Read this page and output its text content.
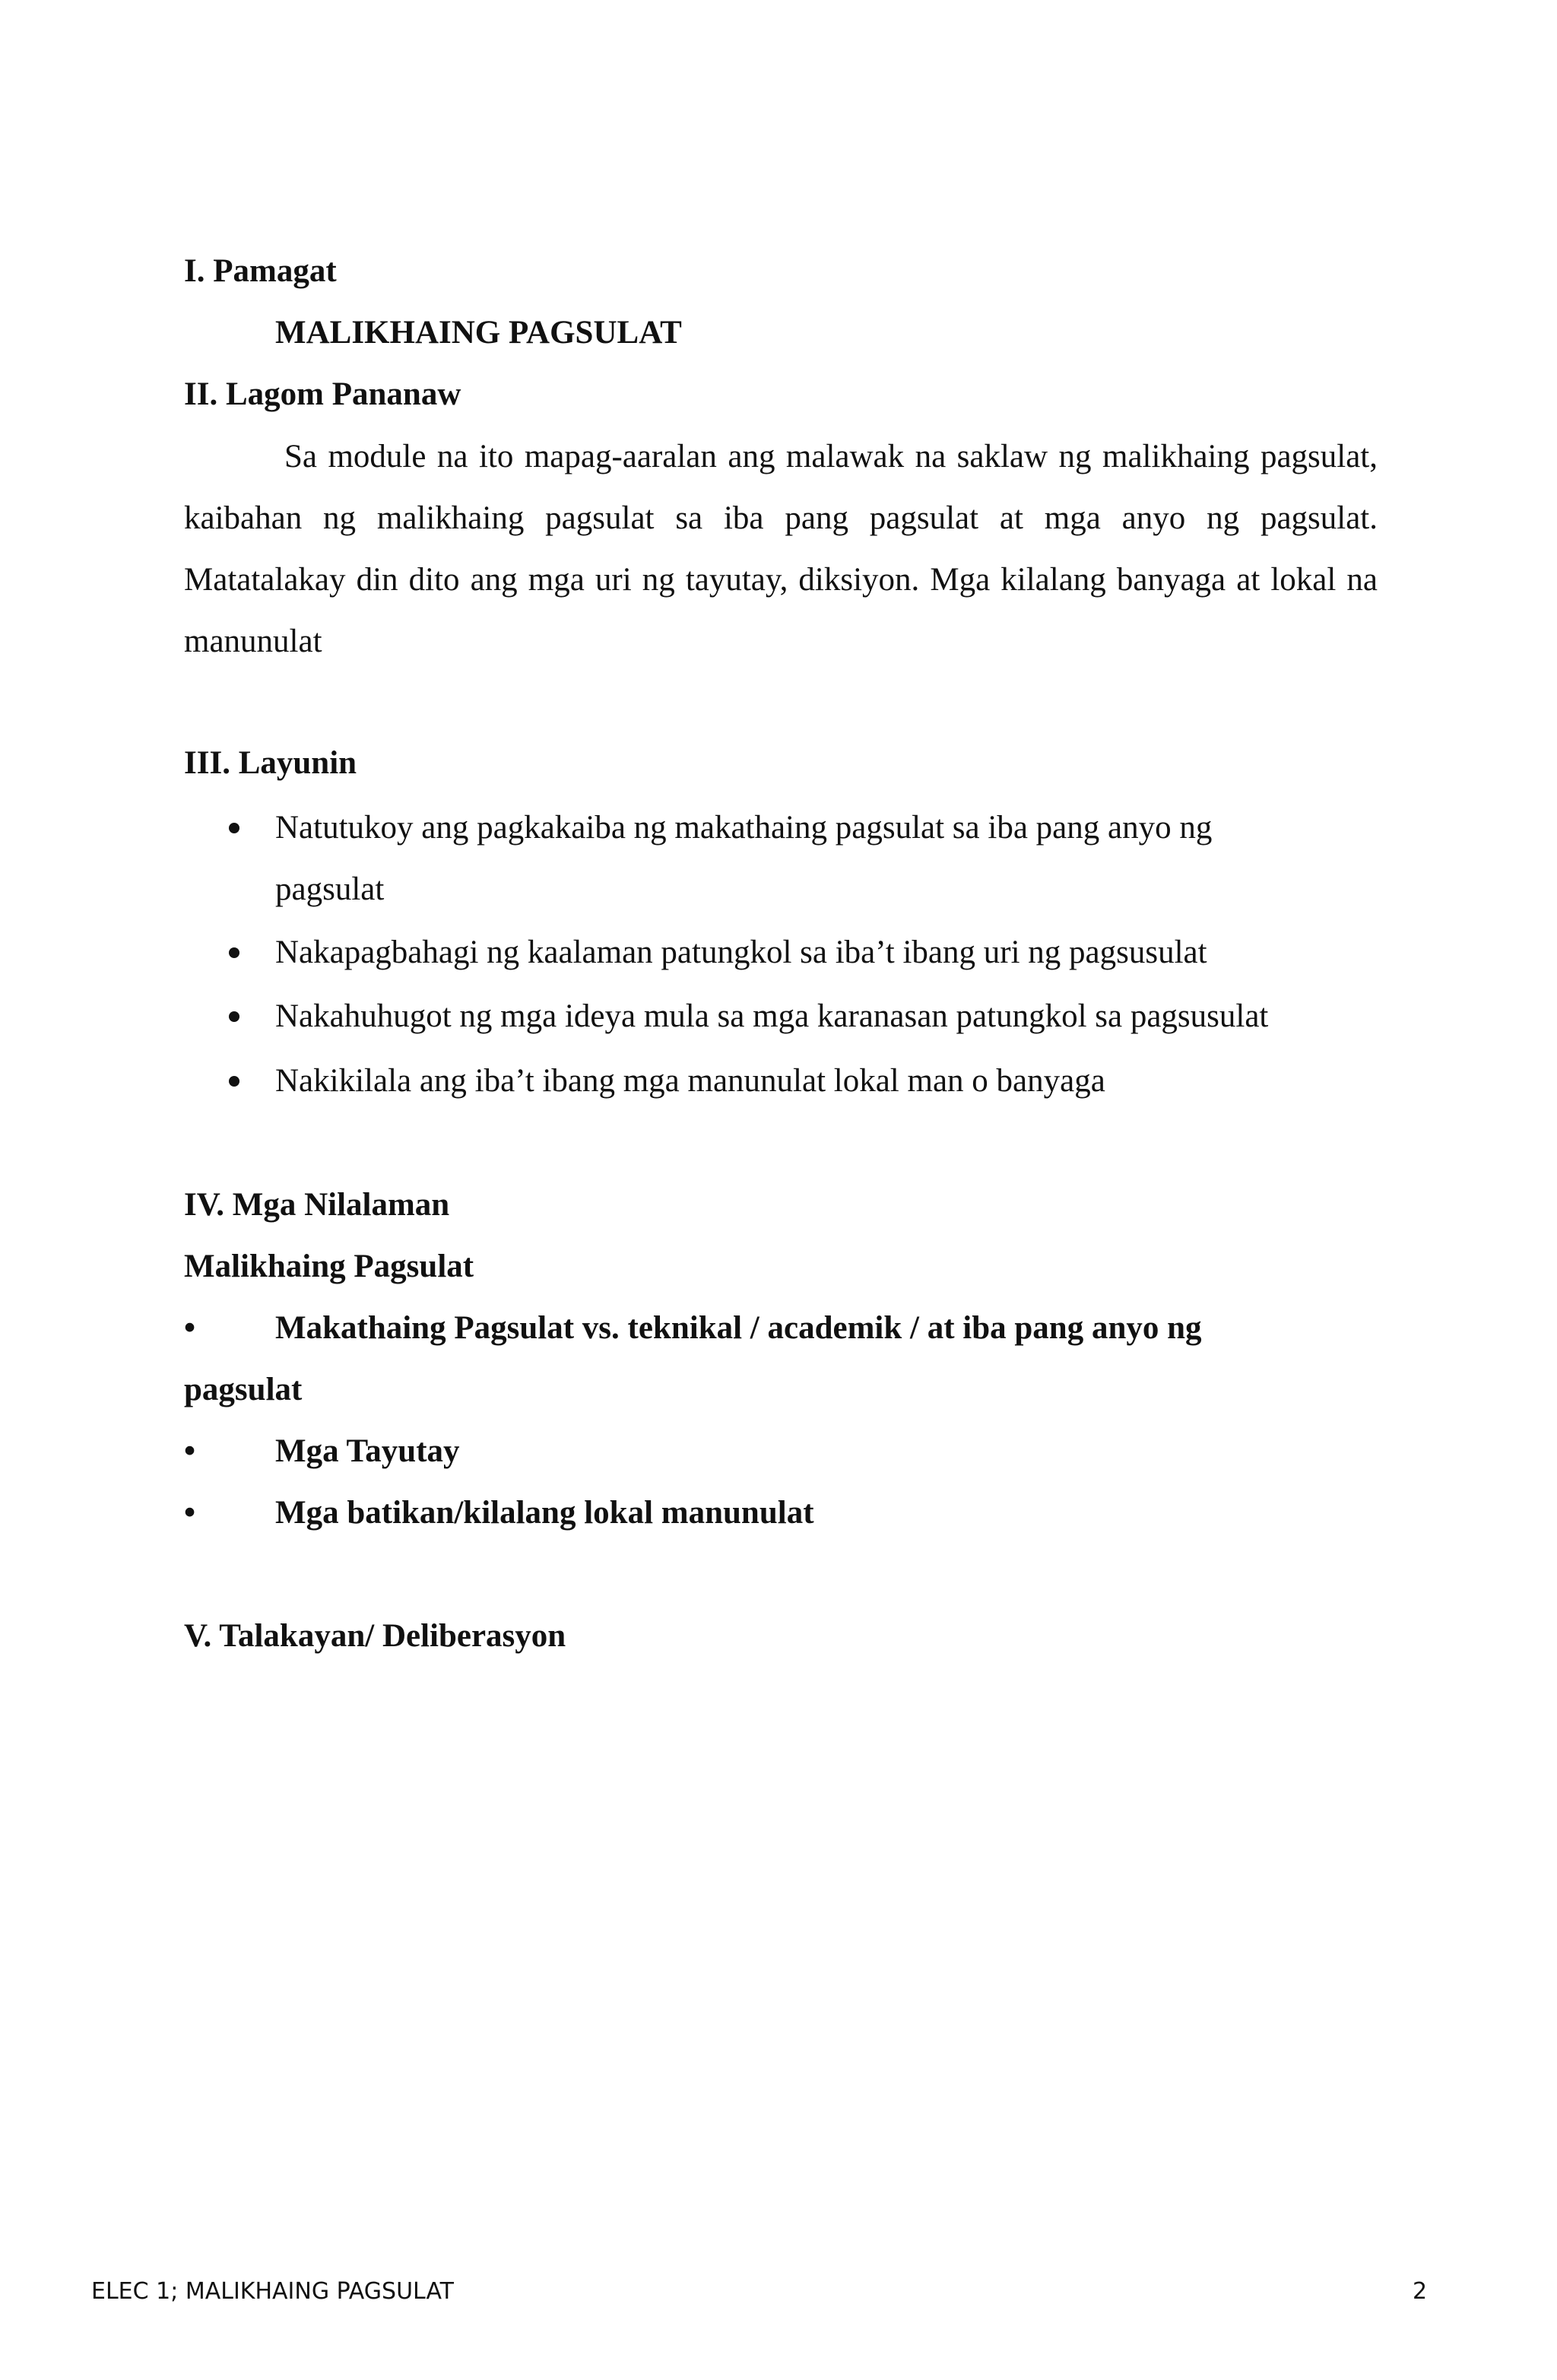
I. Pamagat
MALIKHAING PAGSULAT
II. Lagom Pananaw
Sa module na ito mapag-aaralan ang malawak na saklaw ng malikhaing pagsulat, kaibahan ng malikhaing pagsulat sa iba pang pagsulat at mga anyo ng pagsulat. Matatalakay din dito ang mga uri ng tayutay, diksiyon. Mga kilalang banyaga at lokal na manunulat
III. Layunin
Natutukoy ang pagkakaiba ng makathaing pagsulat sa iba pang anyo ng
pagsulat
Nakapagbahagi ng kaalaman patungkol sa iba’t ibang uri ng pagsusulat
Nakahuhugot ng mga ideya mula sa mga karanasan patungkol sa pagsusulat
Nakikilala ang iba’t ibang mga manunulat lokal man o banyaga
IV. Mga Nilalaman
Malikhaing Pagsulat
• Makathaing Pagsulat vs. teknikal / academik / at iba pang anyo ng
pagsulat
• Mga Tayutay
• Mga batikan/kilalang lokal manunulat
V. Talakayan/ Deliberasyon
ELEC 1; MALIKHAING PAGSULAT	2
